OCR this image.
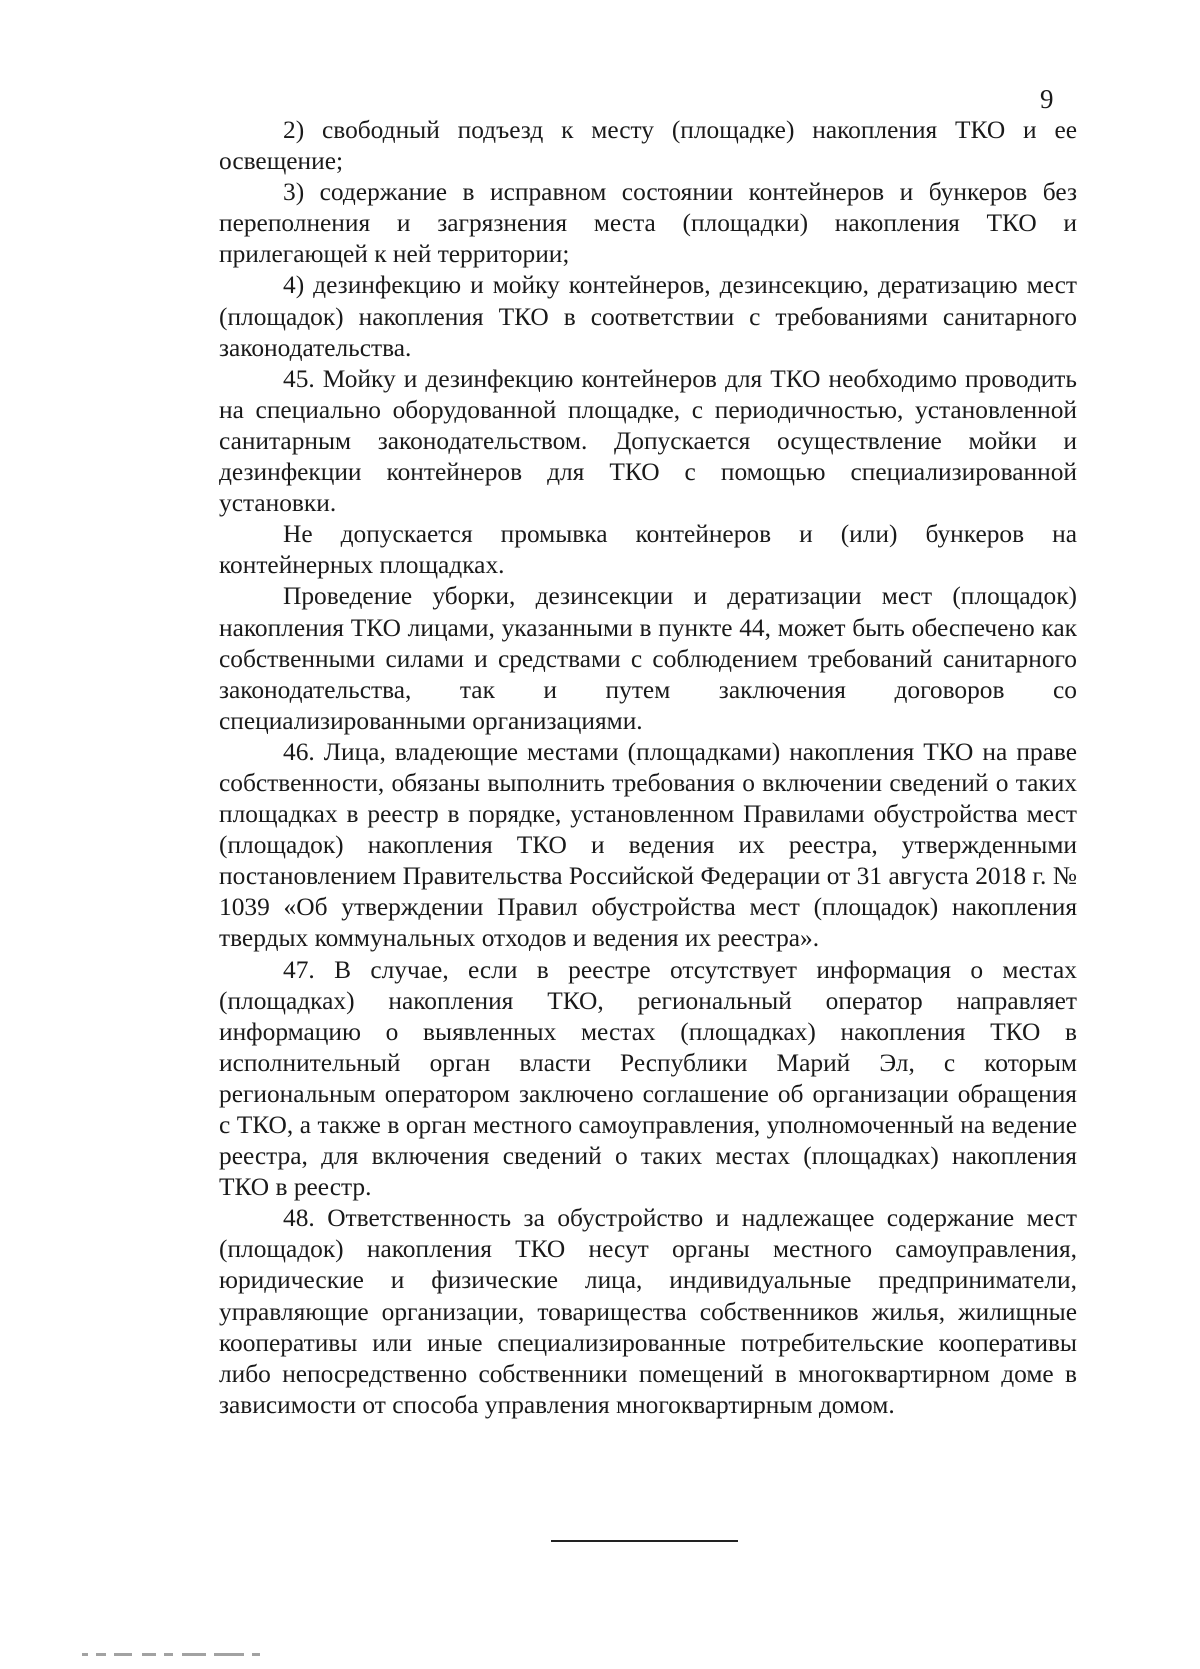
9

2) свободный подъезд к месту (площадке) накопления ТКО и ее освещение;

3) содержание в исправном состоянии контейнеров и бункеров без переполнения и загрязнения места (площадки) накопления ТКО и прилегающей к ней территории;

4) дезинфекцию и мойку контейнеров, дезинсекцию, дератизацию мест (площадок) накопления ТКО в соответствии с требованиями санитарного законодательства.

45. Мойку и дезинфекцию контейнеров для ТКО необходимо проводить на специально оборудованной площадке, с периодичностью, установленной санитарным законодательством. Допускается осуществление мойки и дезинфекции контейнеров для ТКО с помощью специализированной установки.

Не допускается промывка контейнеров и (или) бункеров на контейнерных площадках.

Проведение уборки, дезинсекции и дератизации мест (площадок) накопления ТКО лицами, указанными в пункте 44, может быть обеспечено как собственными силами и средствами с соблюдением требований санитарного законодательства, так и путем заключения договоров со специализированными организациями.

46. Лица, владеющие местами (площадками) накопления ТКО на праве собственности, обязаны выполнить требования о включении сведений о таких площадках в реестр в порядке, установленном Правилами обустройства мест (площадок) накопления ТКО и ведения их реестра, утвержденными постановлением Правительства Российской Федерации от 31 августа 2018 г. № 1039 «Об утверждении Правил обустройства мест (площадок) накопления твердых коммунальных отходов и ведения их реестра».

47. В случае, если в реестре отсутствует информация о местах (площадках) накопления ТКО, региональный оператор направляет информацию о выявленных местах (площадках) накопления ТКО в исполнительный орган власти Республики Марий Эл, с которым региональным оператором заключено соглашение об организации обращения с ТКО, а также в орган местного самоуправления, уполномоченный на ведение реестра, для включения сведений о таких местах (площадках) накопления ТКО в реестр.

48. Ответственность за обустройство и надлежащее содержание мест (площадок) накопления ТКО несут органы местного самоуправления, юридические и физические лица, индивидуальные предприниматели, управляющие организации, товарищества собственников жилья, жилищные кооперативы или иные специализированные потребительские кооперативы либо непосредственно собственники помещений в многоквартирном доме в зависимости от способа управления многоквартирным домом.
